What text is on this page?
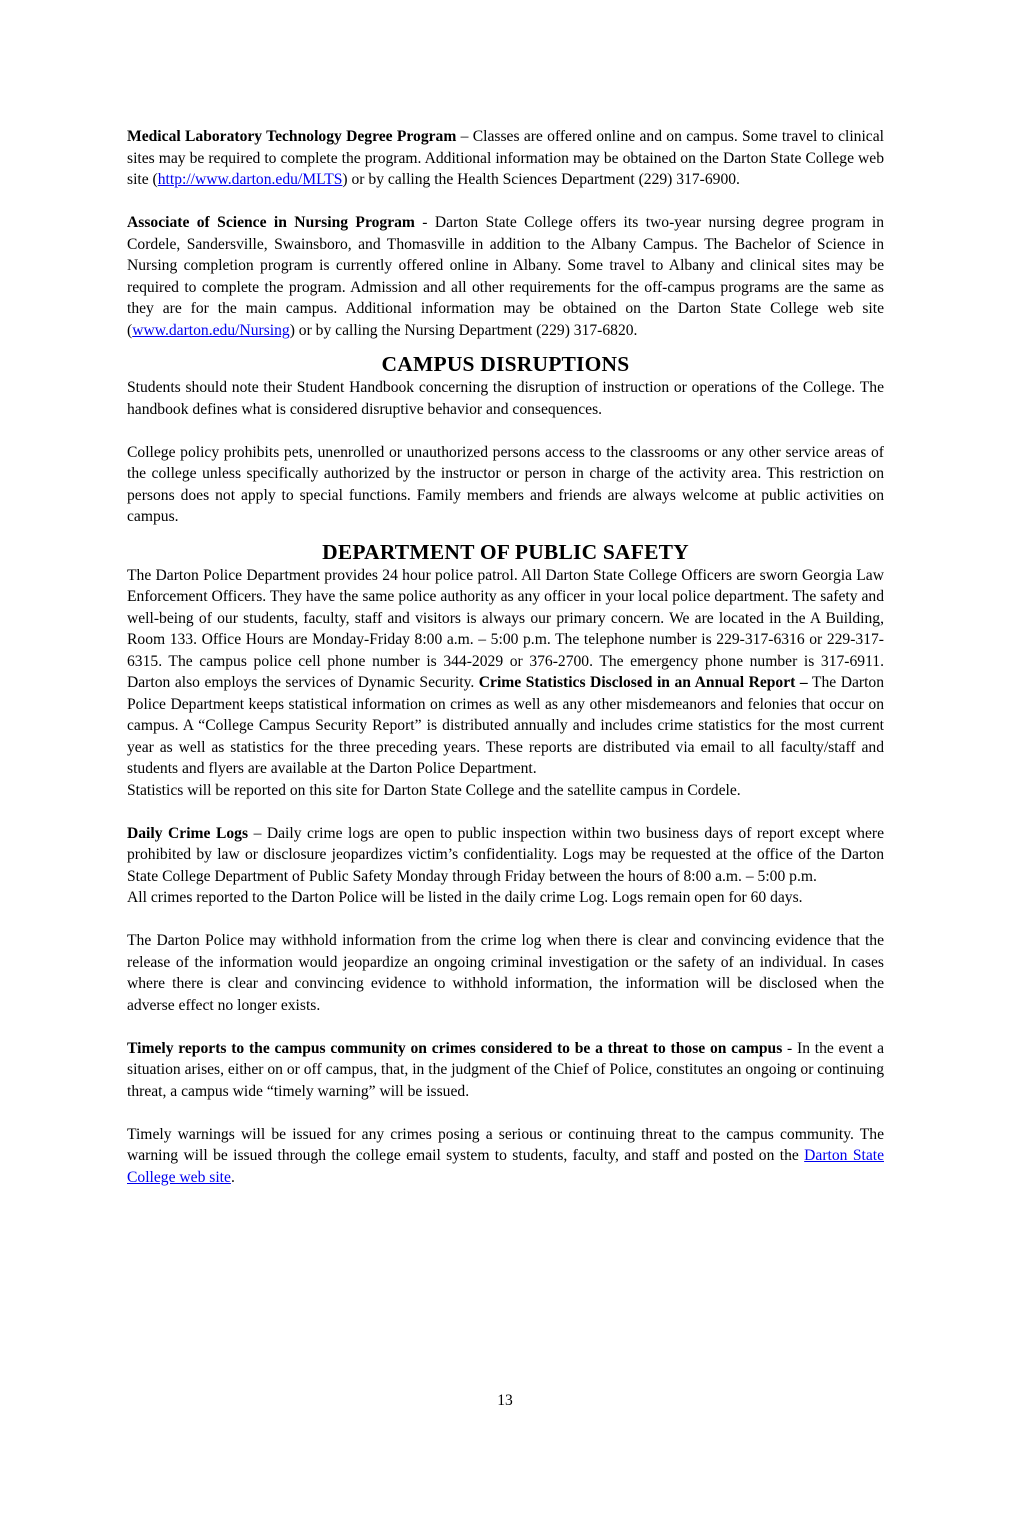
Medical Laboratory Technology Degree Program – Classes are offered online and on campus. Some travel to clinical sites may be required to complete the program. Additional information may be obtained on the Darton State College web site (http://www.darton.edu/MLTS) or by calling the Health Sciences Department (229) 317-6900.

Associate of Science in Nursing Program - Darton State College offers its two-year nursing degree program in Cordele, Sandersville, Swainsboro, and Thomasville in addition to the Albany Campus. The Bachelor of Science in Nursing completion program is currently offered online in Albany. Some travel to Albany and clinical sites may be required to complete the program. Admission and all other requirements for the off-campus programs are the same as they are for the main campus. Additional information may be obtained on the Darton State College web site (www.darton.edu/Nursing) or by calling the Nursing Department (229) 317-6820.

CAMPUS DISRUPTIONS

Students should note their Student Handbook concerning the disruption of instruction or operations of the College. The handbook defines what is considered disruptive behavior and consequences.

College policy prohibits pets, unenrolled or unauthorized persons access to the classrooms or any other service areas of the college unless specifically authorized by the instructor or person in charge of the activity area. This restriction on persons does not apply to special functions. Family members and friends are always welcome at public activities on campus.

DEPARTMENT OF PUBLIC SAFETY

The Darton Police Department provides 24 hour police patrol. All Darton State College Officers are sworn Georgia Law Enforcement Officers. They have the same police authority as any officer in your local police department. The safety and well-being of our students, faculty, staff and visitors is always our primary concern. We are located in the A Building, Room 133. Office Hours are Monday-Friday 8:00 a.m. – 5:00 p.m. The telephone number is 229-317-6316 or 229-317-6315. The campus police cell phone number is 344-2029 or 376-2700. The emergency phone number is 317-6911. Darton also employs the services of Dynamic Security. Crime Statistics Disclosed in an Annual Report – The Darton Police Department keeps statistical information on crimes as well as any other misdemeanors and felonies that occur on campus. A “College Campus Security Report” is distributed annually and includes crime statistics for the most current year as well as statistics for the three preceding years. These reports are distributed via email to all faculty/staff and students and flyers are available at the Darton Police Department.

Statistics will be reported on this site for Darton State College and the satellite campus in Cordele.

Daily Crime Logs – Daily crime logs are open to public inspection within two business days of report except where prohibited by law or disclosure jeopardizes victim’s confidentiality. Logs may be requested at the office of the Darton State College Department of Public Safety Monday through Friday between the hours of 8:00 a.m. – 5:00 p.m.

All crimes reported to the Darton Police will be listed in the daily crime Log. Logs remain open for 60 days.

The Darton Police may withhold information from the crime log when there is clear and convincing evidence that the release of the information would jeopardize an ongoing criminal investigation or the safety of an individual. In cases where there is clear and convincing evidence to withhold information, the information will be disclosed when the adverse effect no longer exists.

Timely reports to the campus community on crimes considered to be a threat to those on campus - In the event a situation arises, either on or off campus, that, in the judgment of the Chief of Police, constitutes an ongoing or continuing threat, a campus wide “timely warning” will be issued.

Timely warnings will be issued for any crimes posing a serious or continuing threat to the campus community. The warning will be issued through the college email system to students, faculty, and staff and posted on the Darton State College web site.

13
